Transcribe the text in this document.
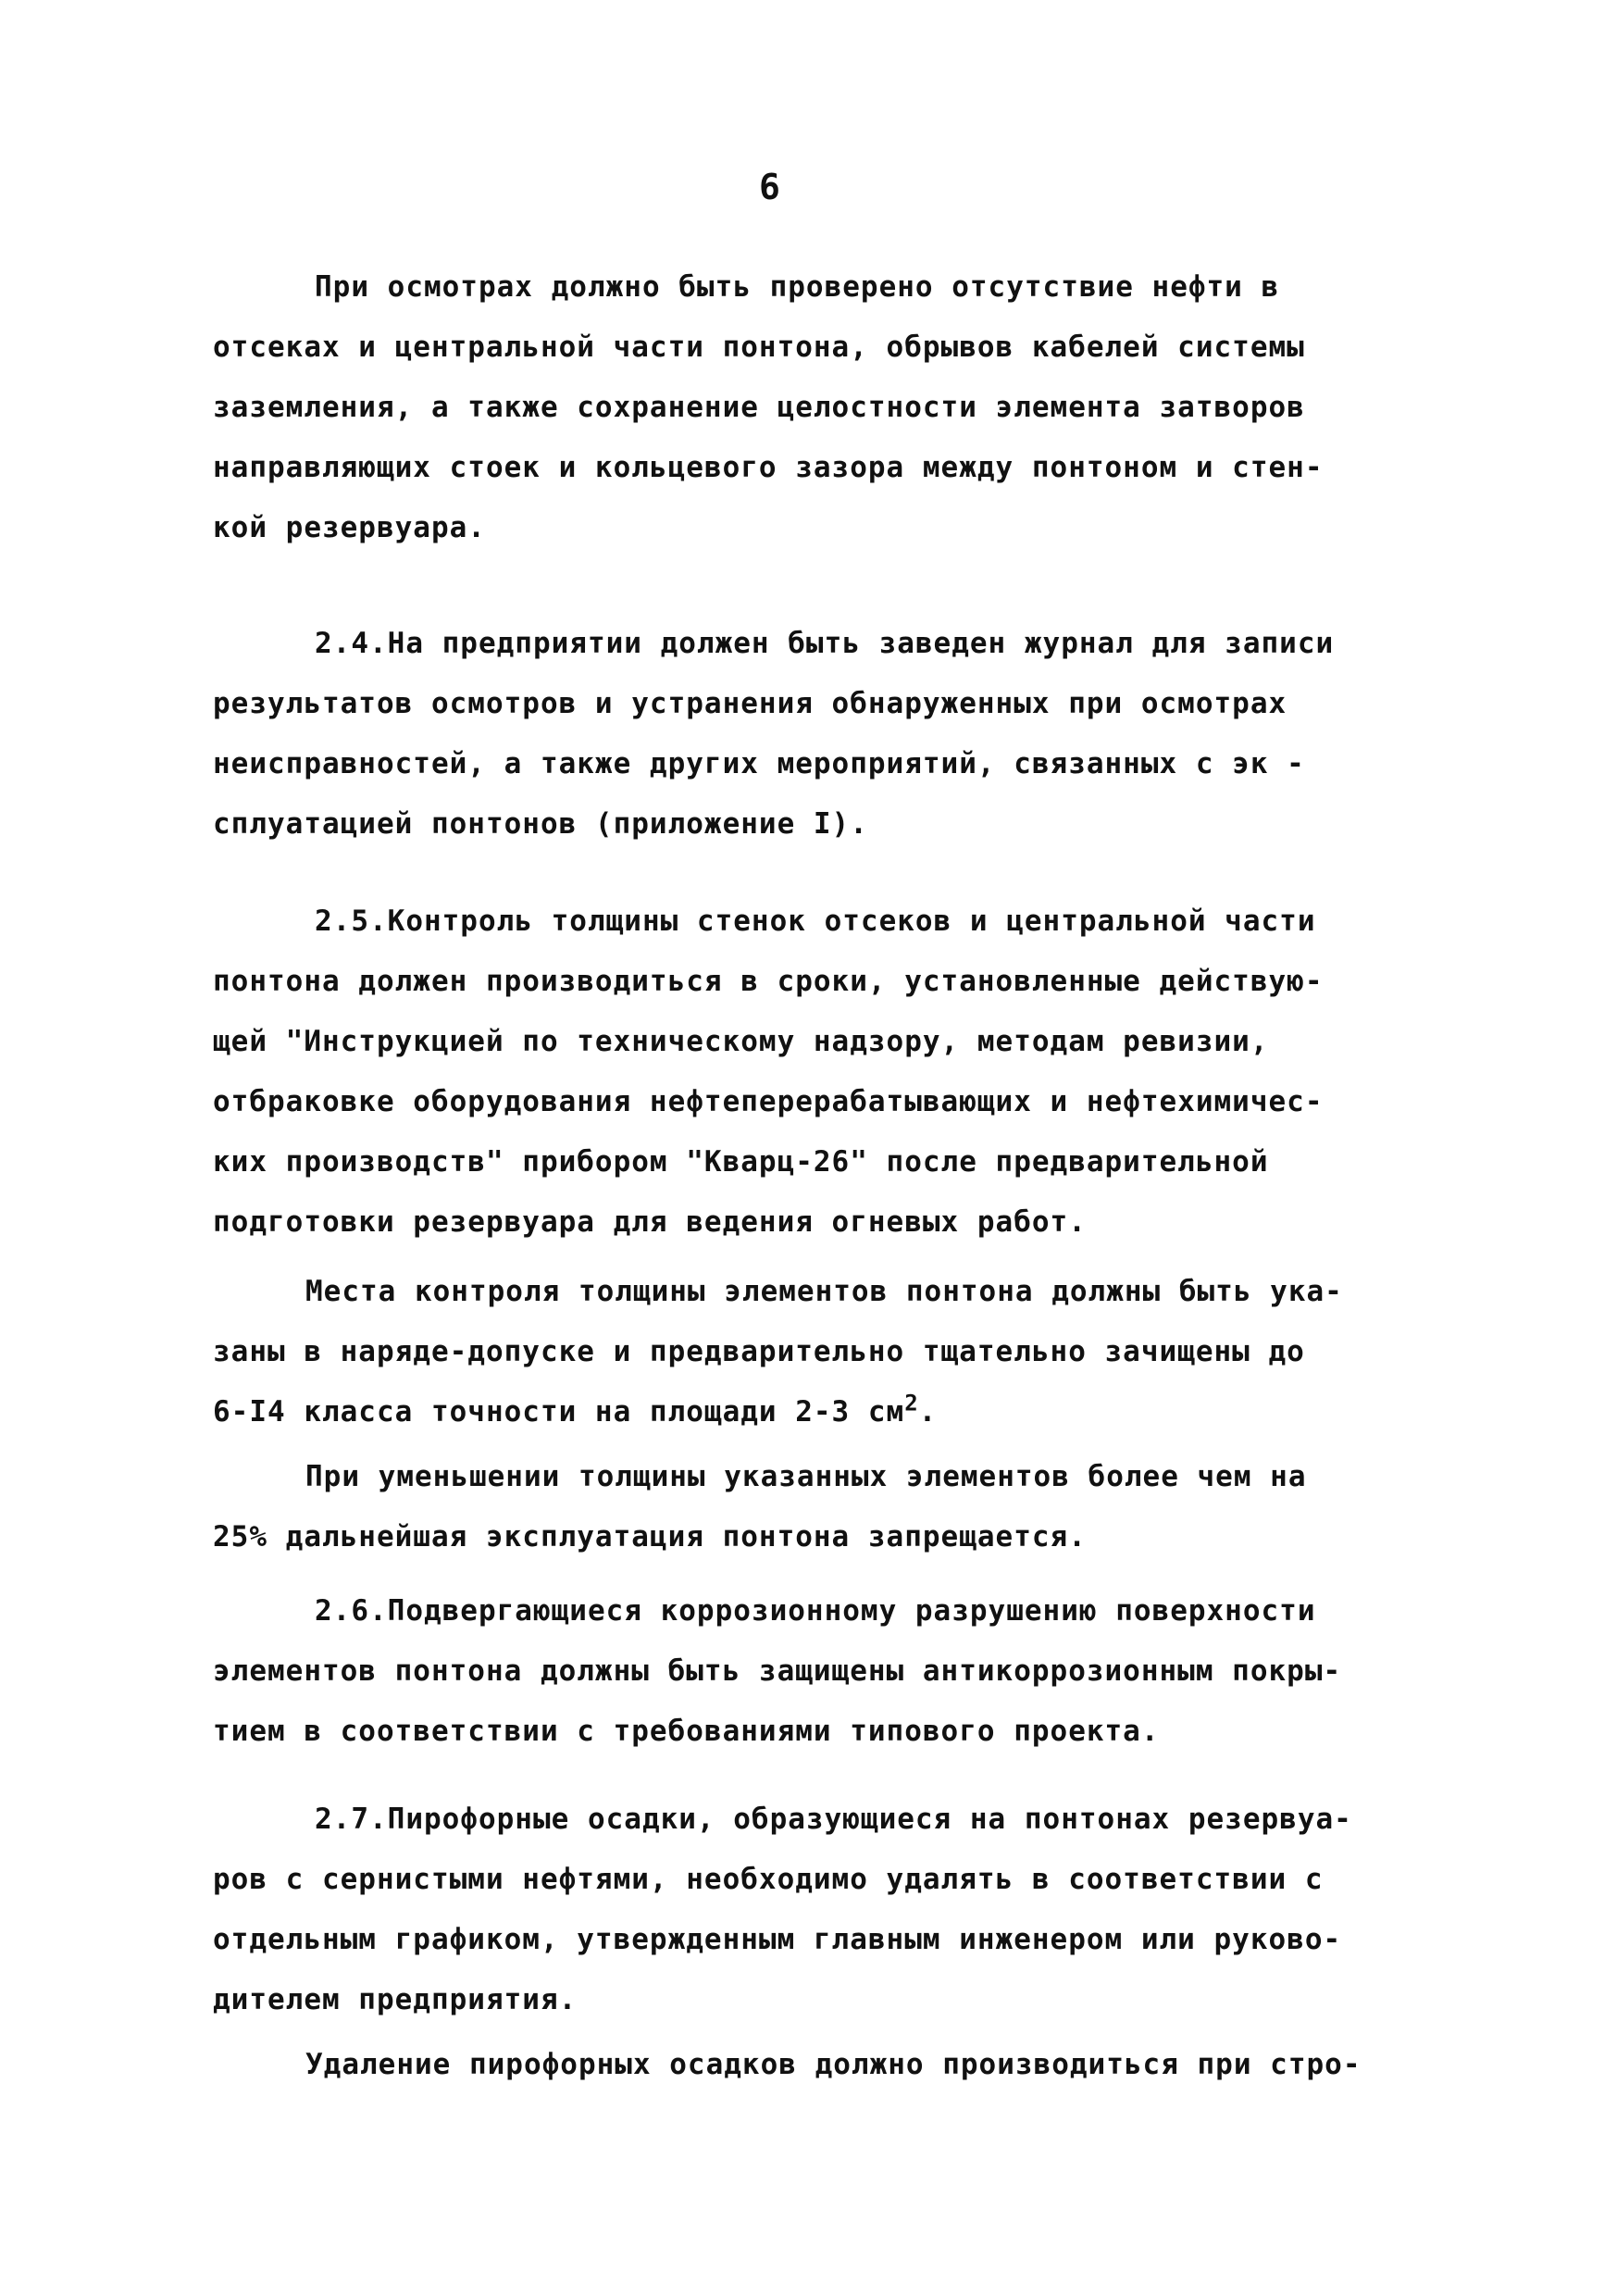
6
При осмотрах должно быть проверено отсутствие нефти в
отсеках и центральной части понтона, обрывов кабелей системы
заземления, а также сохранение целостности элемента затворов
направляющих стоек и кольцевого зазора между понтоном и стен-
кой резервуара.
2.4.На предприятии должен быть заведен журнал для записи
результатов осмотров и устранения обнаруженных при осмотрах
неисправностей, а также других мероприятий, связанных с эк -
сплуатацией понтонов (приложение I).
2.5.Контроль толщины стенок отсеков и центральной части
понтона должен производиться в сроки, установленные действую-
щей "Инструкцией по техническому надзору, методам ревизии,
отбраковке оборудования нефтеперерабатывающих и нефтехимичес-
ких производств" прибором "Кварц-26" после предварительной
подготовки резервуара для ведения огневых работ.
Места контроля толщины элементов понтона должны быть ука-
заны в наряде-допуске и предварительно тщательно зачищены до
6-I4 класса точности на площади 2-3 $см^2$.
При уменьшении толщины указанных элементов более чем на
25% дальнейшая эксплуатация понтона запрещается.
2.6.Подвергающиеся коррозионному разрушению поверхности
элементов понтона должны быть защищены антикоррозионным покры-
тием в соответствии с требованиями типового проекта.
2.7.Пирофорные осадки, образующиеся на понтонах резервуа-
ров с сернистыми нефтями, необходимо удалять в соответствии с
отдельным графиком, утвержденным главным инженером или руково-
дителем предприятия.
Удаление пирофорных осадков должно производиться при стро-
